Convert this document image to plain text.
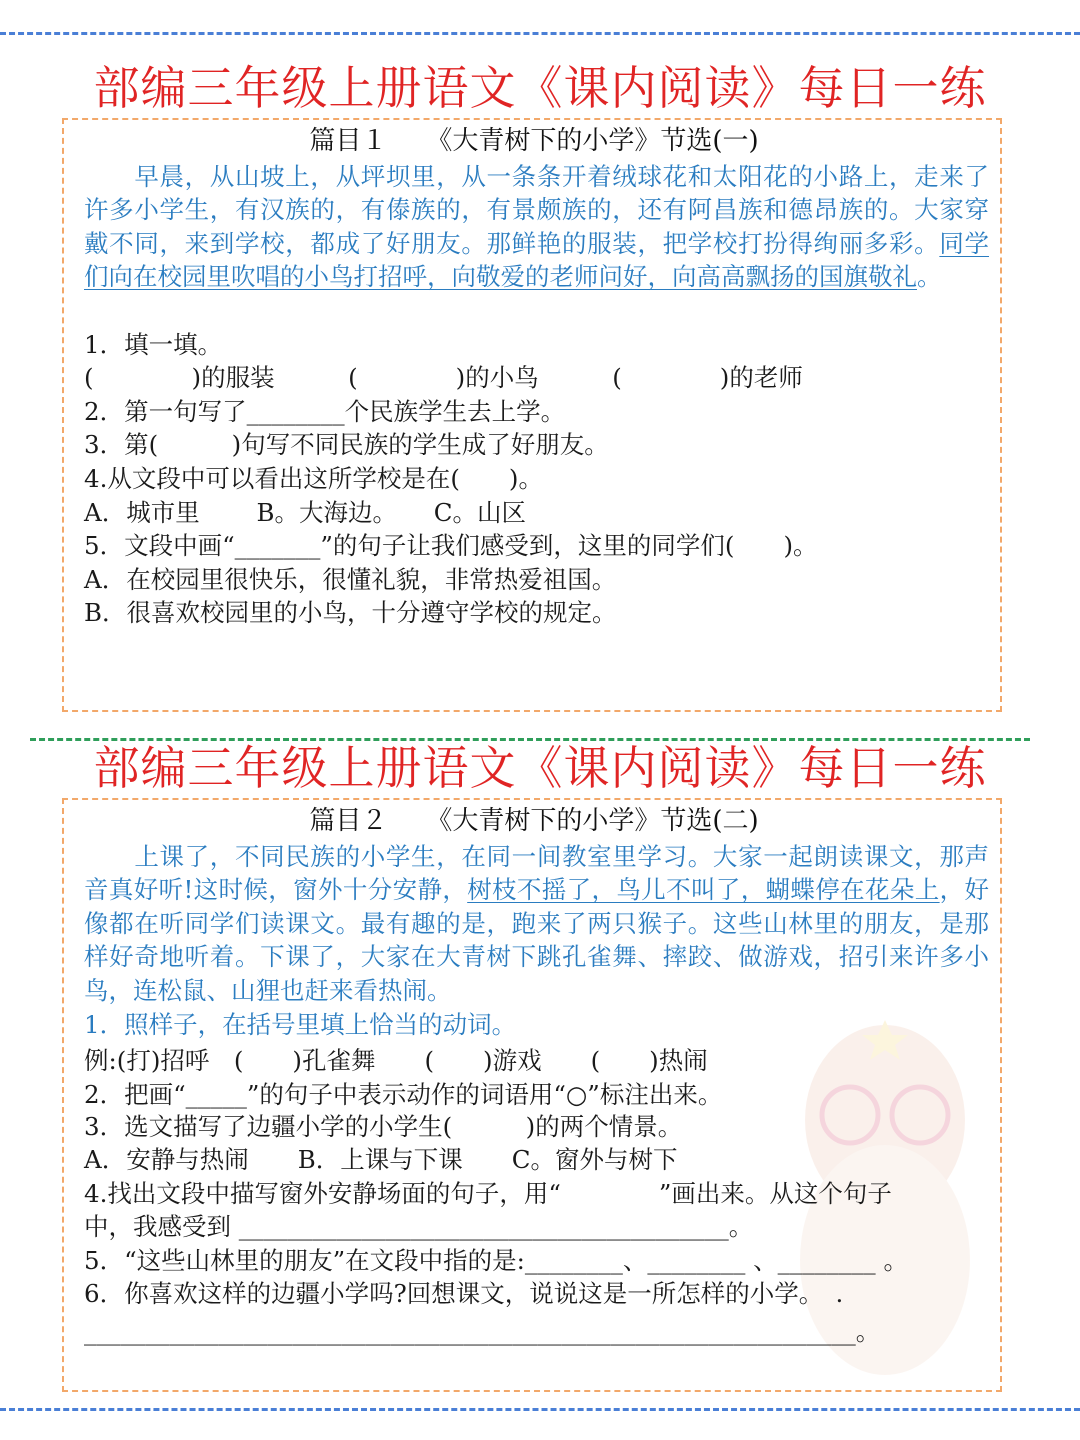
部编三年级上册语文《课内阅读》每日一练
篇目１　　《大青树下的小学》节选(一)
　　早晨，从山坡上，从坪坝里，从一条条开着绒球花和太阳花的小路上，走来了许多小学生，有汉族的，有傣族的，有景颇族的，还有阿昌族和德昂族的。大家穿戴不同，来到学校，都成了好朋友。那鲜艳的服装，把学校打扮得绚丽多彩。同学们向在校园里吹唱的小鸟打招呼，向敬爱的老师问好，向高高飘扬的国旗敬礼。
1．填一填。
(　　　　)的服装　　　(　　　　)的小鸟　　　(　　　　)的老师
2．第一句写了________个民族学生去上学。
3．第(　　　)句写不同民族的学生成了好朋友。
4.从文段中可以看出这所学校是在(　　)。
A．城市里　　 B。大海边。　　C。山区
5．文段中画“_______”的句子让我们感受到，这里的同学们(　　)。
A．在校园里很快乐，很懂礼貌，非常热爱祖国。
B．很喜欢校园里的小鸟，十分遵守学校的规定。
部编三年级上册语文《课内阅读》每日一练
篇目２　　《大青树下的小学》节选(二)
　　上课了，不同民族的小学生，在同一间教室里学习。大家一起朗读课文，那声音真好听!这时候，窗外十分安静，树枝不摇了，鸟儿不叫了，蝴蝶停在花朵上，好像都在听同学们读课文。最有趣的是，跑来了两只猴子。这些山林里的朋友，是那样好奇地听着。下课了，大家在大青树下跳孔雀舞、摔跤、做游戏，招引来许多小鸟，连松鼠、山狸也赶来看热闹。
1．照样子，在括号里填上恰当的动词。
例:(打)招呼　(　　)孔雀舞　　(　　)游戏　　(　　)热闹
2．把画“_____”的句子中表示动作的词语用“○”标注出来。
3．选文描写了边疆小学的小学生(　　　)的两个情景。
A．安静与热闹　　B．上课与下课　　C。窗外与树下
4.找出文段中描写窗外安静场面的句子，用“　　　　”画出来。从这个句子
中，我感受到 ________________________________________。
5．“这些山林里的朋友”在文段中指的是:________、________ 、________ 。
6．你喜欢这样的边疆小学吗?回想课文，说说这是一所怎样的小学。　.
_______________________________________________________________。
